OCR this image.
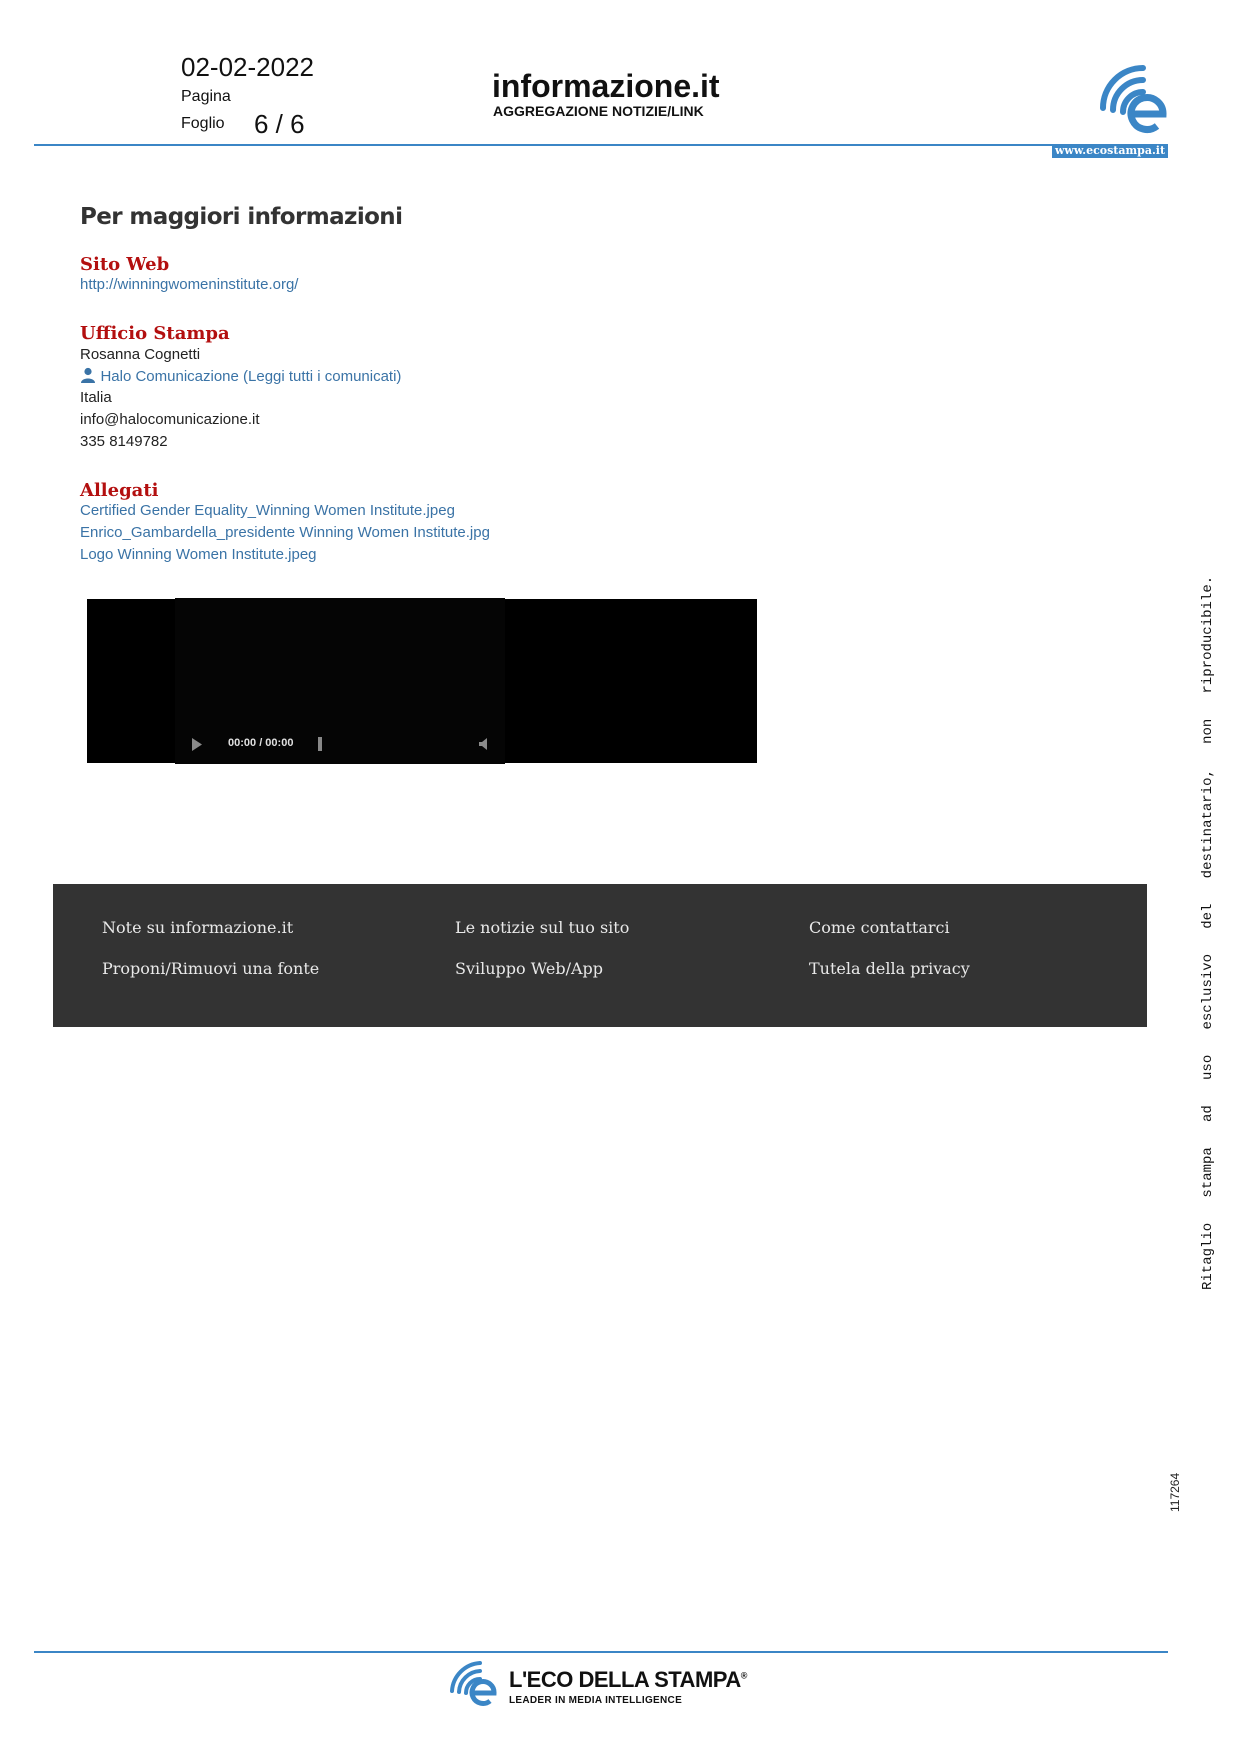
02-02-2022
Pagina
Foglio 6 / 6
informazione.it
AGGREGAZIONE NOTIZIE/LINK
www.ecostampa.it
Per maggiori informazioni
Sito Web
http://winningwomeninstitute.org/
Ufficio Stampa
Rosanna Cognetti
Halo Comunicazione (Leggi tutti i comunicati)
Italia
info@halocomunicazione.it
335 8149782
Allegati
Certified Gender Equality_Winning Women Institute.jpeg
Enrico_Gambardella_presidente Winning Women Institute.jpg
Logo Winning Women Institute.jpeg
00:00 / 00:00
Note su informazione.it	Le notizie sul tuo sito	Come contattarci
Proponi/Rimuovi una fonte	Sviluppo Web/App	Tutela della privacy	Ritaglio   stampa   ad   uso   esclusivo   del   destinatario,   non   riproducibile.
117264
L'ECO DELLA STAMPA®
LEADER IN MEDIA INTELLIGENCE
